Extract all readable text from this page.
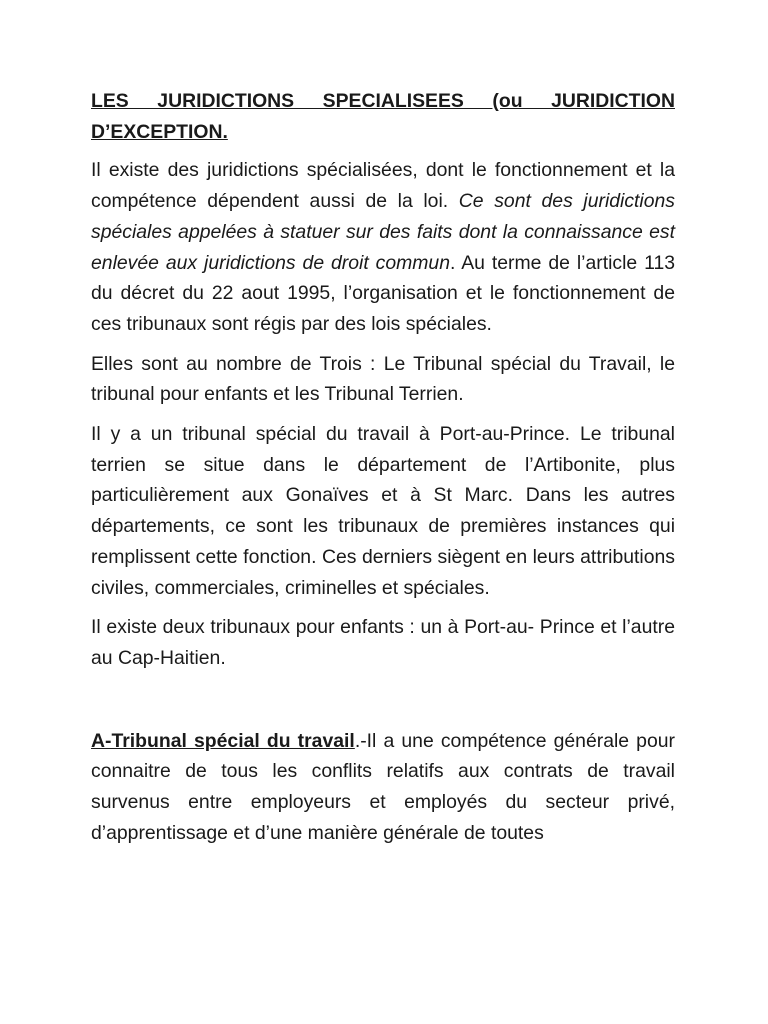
LES JURIDICTIONS SPECIALISEES (ou JURIDICTION
D’EXCEPTION.

Il existe des juridictions spécialisées, dont le fonctionnement et la compétence dépendent aussi de la loi. Ce sont des juridictions spéciales appelées à statuer sur des faits dont la connaissance est enlevée aux juridictions de droit commun. Au terme de l’article 113 du décret du 22 aout 1995, l’organisation et le fonctionnement de ces tribunaux sont régis par des lois spéciales.

Elles sont au nombre de Trois : Le Tribunal spécial du Travail, le tribunal pour enfants et les Tribunal Terrien.

Il y a un tribunal spécial du travail à Port-au-Prince. Le tribunal terrien se situe dans le département de l’Artibonite, plus particulièrement aux Gonaïves et à St Marc. Dans les autres départements, ce sont les tribunaux de premières instances qui remplissent cette fonction. Ces derniers siègent en leurs attributions civiles, commerciales, criminelles et spéciales.

Il existe deux tribunaux pour enfants : un à Port-au- Prince et l’autre au Cap-Haitien.

A-Tribunal spécial du travail.-Il a une compétence générale pour connaitre de tous les conflits relatifs aux contrats de travail survenus entre employeurs et employés du secteur privé, d’apprentissage et d’une manière générale de toutes
